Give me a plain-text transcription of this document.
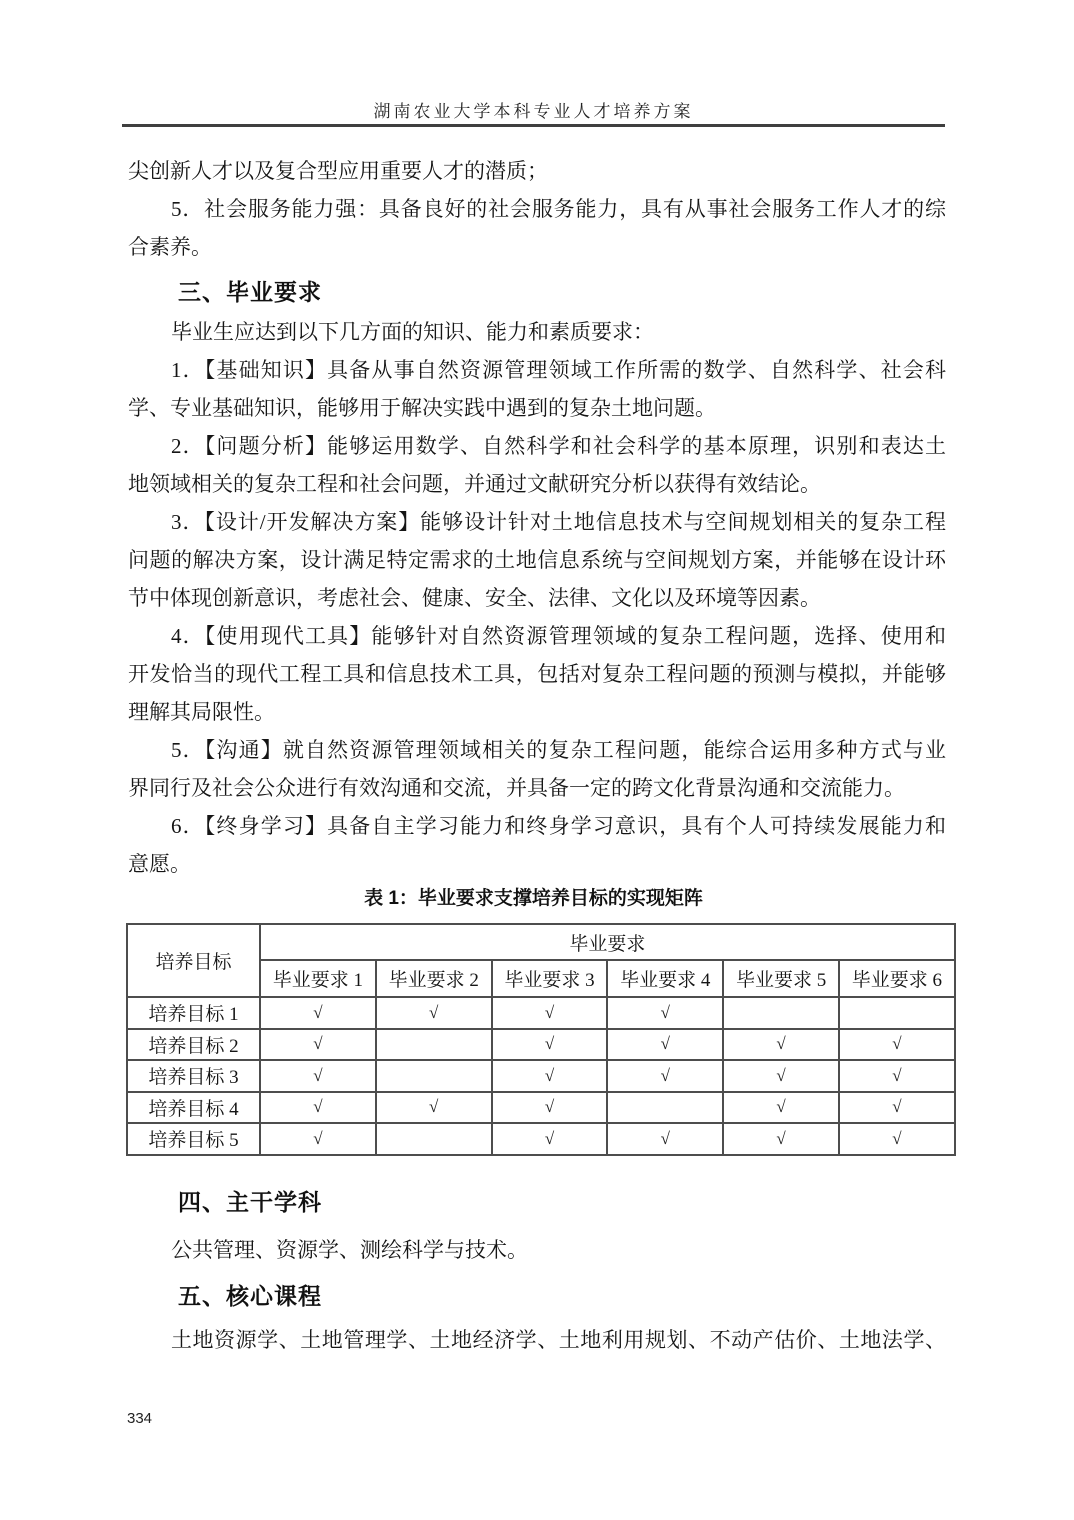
湖南农业大学本科专业人才培养方案
尖创新人才以及复合型应用重要人才的潜质；
5．社会服务能力强：具备良好的社会服务能力，具有从事社会服务工作人才的综
合素养。
三、毕业要求
毕业生应达到以下几方面的知识、能力和素质要求：
1．【基础知识】具备从事自然资源管理领域工作所需的数学、自然科学、社会科
学、专业基础知识，能够用于解决实践中遇到的复杂土地问题。
2．【问题分析】能够运用数学、自然科学和社会科学的基本原理，识别和表达土
地领域相关的复杂工程和社会问题，并通过文献研究分析以获得有效结论。
3．【设计/开发解决方案】能够设计针对土地信息技术与空间规划相关的复杂工程
问题的解决方案，设计满足特定需求的土地信息系统与空间规划方案，并能够在设计环
节中体现创新意识，考虑社会、健康、安全、法律、文化以及环境等因素。
4．【使用现代工具】能够针对自然资源管理领域的复杂工程问题，选择、使用和
开发恰当的现代工程工具和信息技术工具，包括对复杂工程问题的预测与模拟，并能够
理解其局限性。
5．【沟通】就自然资源管理领域相关的复杂工程问题，能综合运用多种方式与业
界同行及社会公众进行有效沟通和交流，并具备一定的跨文化背景沟通和交流能力。
6．【终身学习】具备自主学习能力和终身学习意识，具有个人可持续发展能力和
意愿。
表 1：毕业要求支撑培养目标的实现矩阵
培养目标	毕业要求					
	毕业要求 1	毕业要求 2	毕业要求 3	毕业要求 4	毕业要求 5	毕业要求 6
培养目标 1	√	√	√	√		
培养目标 2	√		√	√	√	√
培养目标 3	√		√	√	√	√
培养目标 4	√	√	√		√	√
培养目标 5	√		√	√	√	√
四、主干学科
公共管理、资源学、测绘科学与技术。
五、核心课程
土地资源学、土地管理学、土地经济学、土地利用规划、不动产估价、土地法学、
334
